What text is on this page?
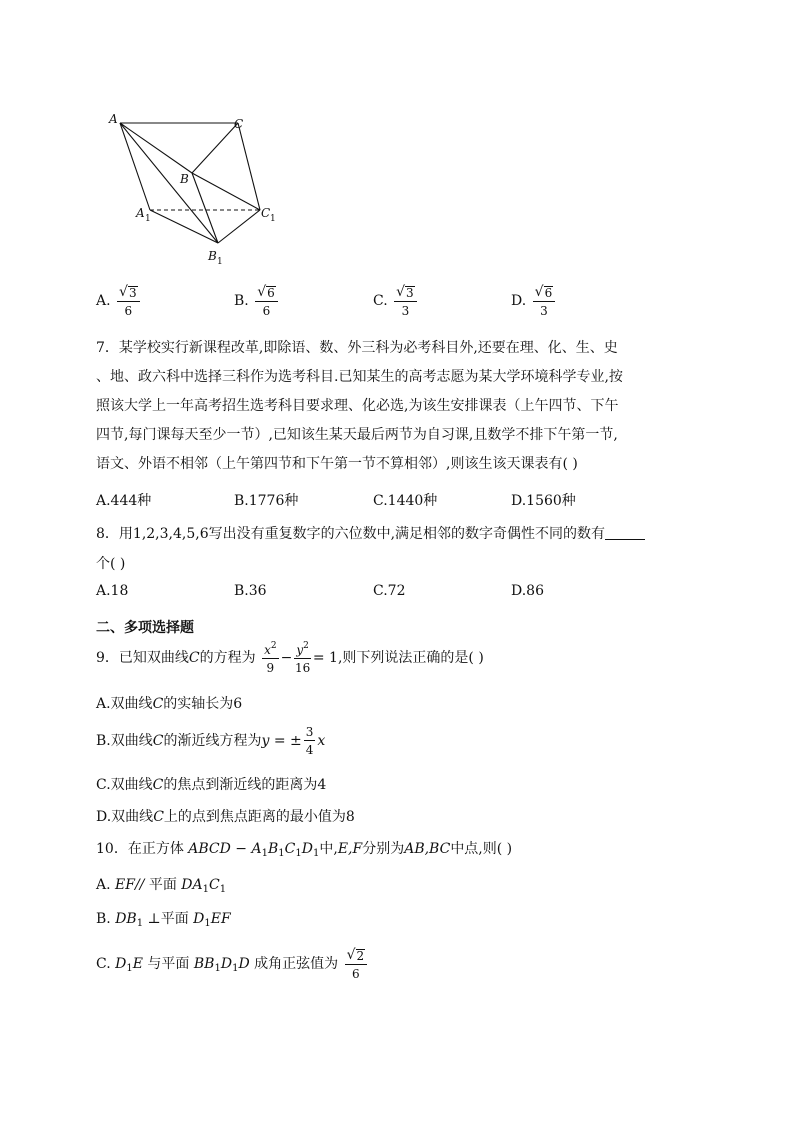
A	C
B
A 1	C 1
B 1
A. $\frac{√ 3}{6}$	B. $\frac{√ 6}{6}$	C. $\frac{√ 3}{3}$	D. $\frac{√ 6}{3}$
7．某学校实行新课程改革,即除语、数、外三科为必考科目外,还要在理、化、生、史
、地、政六科中选择三科作为选考科目.已知某生的高考志愿为某大学环境科学专业,按
照该大学上一年高考招生选考科目要求理、化必选,为该生安排课表（上午四节、下午
四节,每门课每天至少一节）,已知该生某天最后两节为自习课,且数学不排下午第一节,
语文、外语不相邻（上午第四节和下午第一节不算相邻）,则该生该天课表有( )
A.444种	B.1776种	C.1440种	D.1560种
8．用1,2,3,4,5,6写出没有重复数字的六位数中,满足相邻的数字奇偶性不同的数有
个( )
A.18	B.36	C.72	D.86
二、多项选择题
9．已知双曲线C的方程为 $\frac{x^2}{9} - \frac{y^2}{16} = 1$,则下列说法正确的是( )
A.双曲线C的实轴长为6
B.双曲线C的渐近线方程为y = ± $\frac{3}{4}$ x
C.双曲线C的焦点到渐近线的距离为4
D.双曲线C上的点到焦点距离的最小值为8
10．在正方体 ABCD − $A_1B_1C_1D_1$中,E,F分别为AB,BC中点,则( )
A. EF// 平面 $DA_1C_1$
B. $DB_1$ ⊥平面 $D_1EF$
C. $D_1E$ 与平面 $BB_1D_1D$ 成角正弦值为 $\frac{√ 2}{6}$
